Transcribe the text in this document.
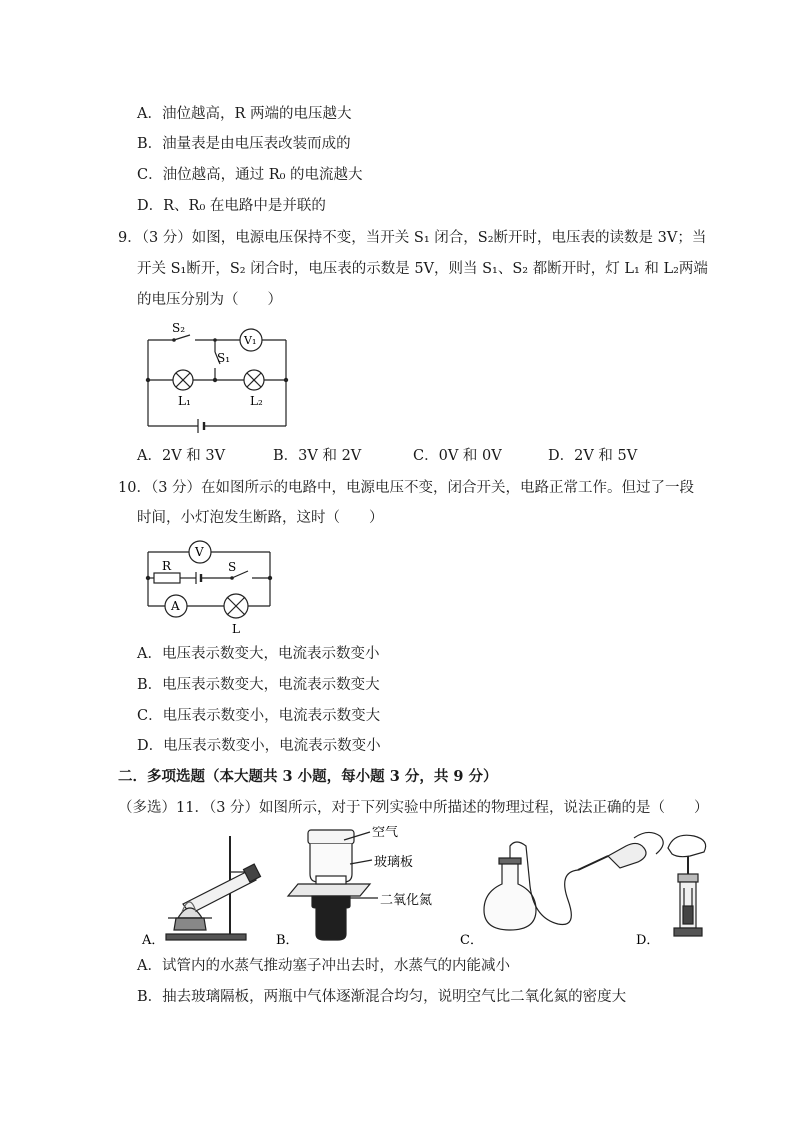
A．油位越高，R 两端的电压越大
B．油量表是由电压表改装而成的
C．油位越高，通过 R₀ 的电流越大
D．R、R₀ 在电路中是并联的
9．（3 分）如图，电源电压保持不变，当开关 S₁ 闭合，S₂断开时，电压表的读数是 3V；当
开关 S₁断开，S₂ 闭合时，电压表的示数是 5V，则当 S₁、S₂ 都断开时，灯 L₁ 和 L₂两端
的电压分别为（　　）
S₂
V₁
S₁
L₁	L₂
A．2V 和 3V	B．3V 和 2V	C．0V 和 0V	D．2V 和 5V
10．（3 分）在如图所示的电路中，电源电压不变，闭合开关，电路正常工作。但过了一段
时间，小灯泡发生断路，这时（　　）
V
R	S
A
L
A．电压表示数变大，电流表示数变小
B．电压表示数变大，电流表示数变大
C．电压表示数变小，电流表示数变大
D．电压表示数变小，电流表示数变小
二．多项选题（本大题共 3 小题，每小题 3 分，共 9 分）
（多选）11．（3 分）如图所示，对于下列实验中所描述的物理过程，说法正确的是（　　）
A．
空气
玻璃板
二氧化氮
B．	C．	D．
A．试管内的水蒸气推动塞子冲出去时，水蒸气的内能减小
B．抽去玻璃隔板，两瓶中气体逐渐混合均匀，说明空气比二氧化氮的密度大
